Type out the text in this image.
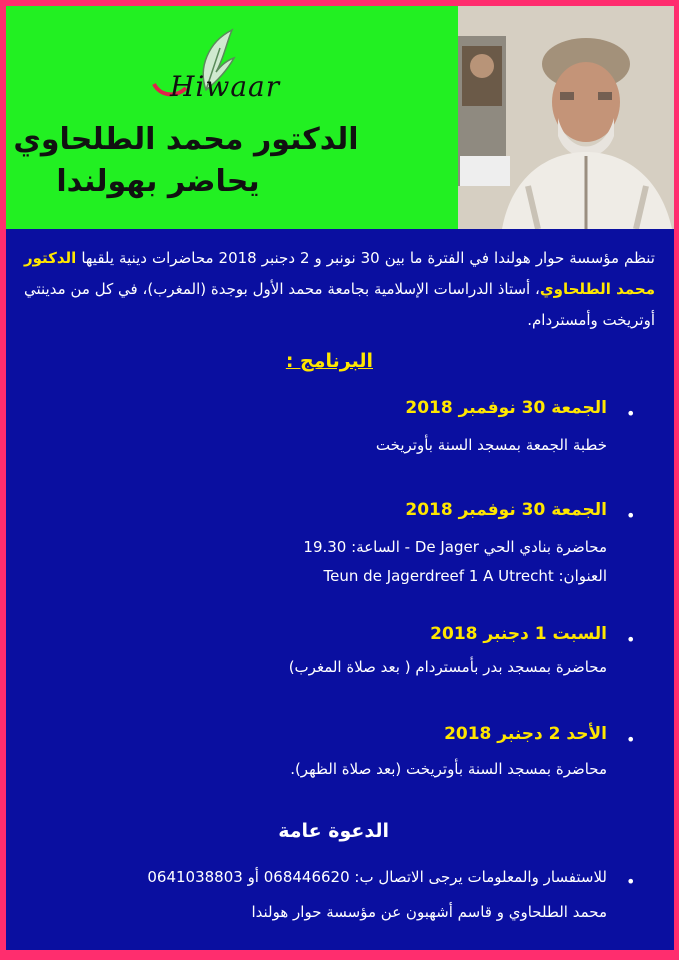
Hiwaar
الدكتور محمد الطلحاوي
يحاضر بهولندا

تنظم مؤسسة حوار هولندا في الفترة ما بين 30 نونبر و 2 دجنبر 2018 محاضرات دينية يلقيها الدكتور محمد الطلحاوي، أستاذ الدراسات الإسلامية بجامعة محمد الأول بوجدة (المغرب)، في كل من مدينتي أوتريخت وأمستردام.

البرنامج :
•
الجمعة 30 نوفمبر 2018
خطبة الجمعة بمسجد السنة بأوتريخت
•
الجمعة 30 نوفمبر 2018
محاضرة بنادي الحي De Jager - الساعة: 19.30
العنوان: Teun de Jagerdreef 1 A Utrecht
•
السبت 1 دجنبر 2018
محاضرة بمسجد بدر بأمستردام ( بعد صلاة المغرب)
•
الأحد 2 دجنبر 2018
محاضرة بمسجد السنة بأوتريخت (بعد صلاة الظهر).
الدعوة عامة
•
للاستفسار والمعلومات يرجى الاتصال ب: 068446620 أو 0641038803
محمد الطلحاوي و قاسم أشهبون عن مؤسسة حوار هولندا
